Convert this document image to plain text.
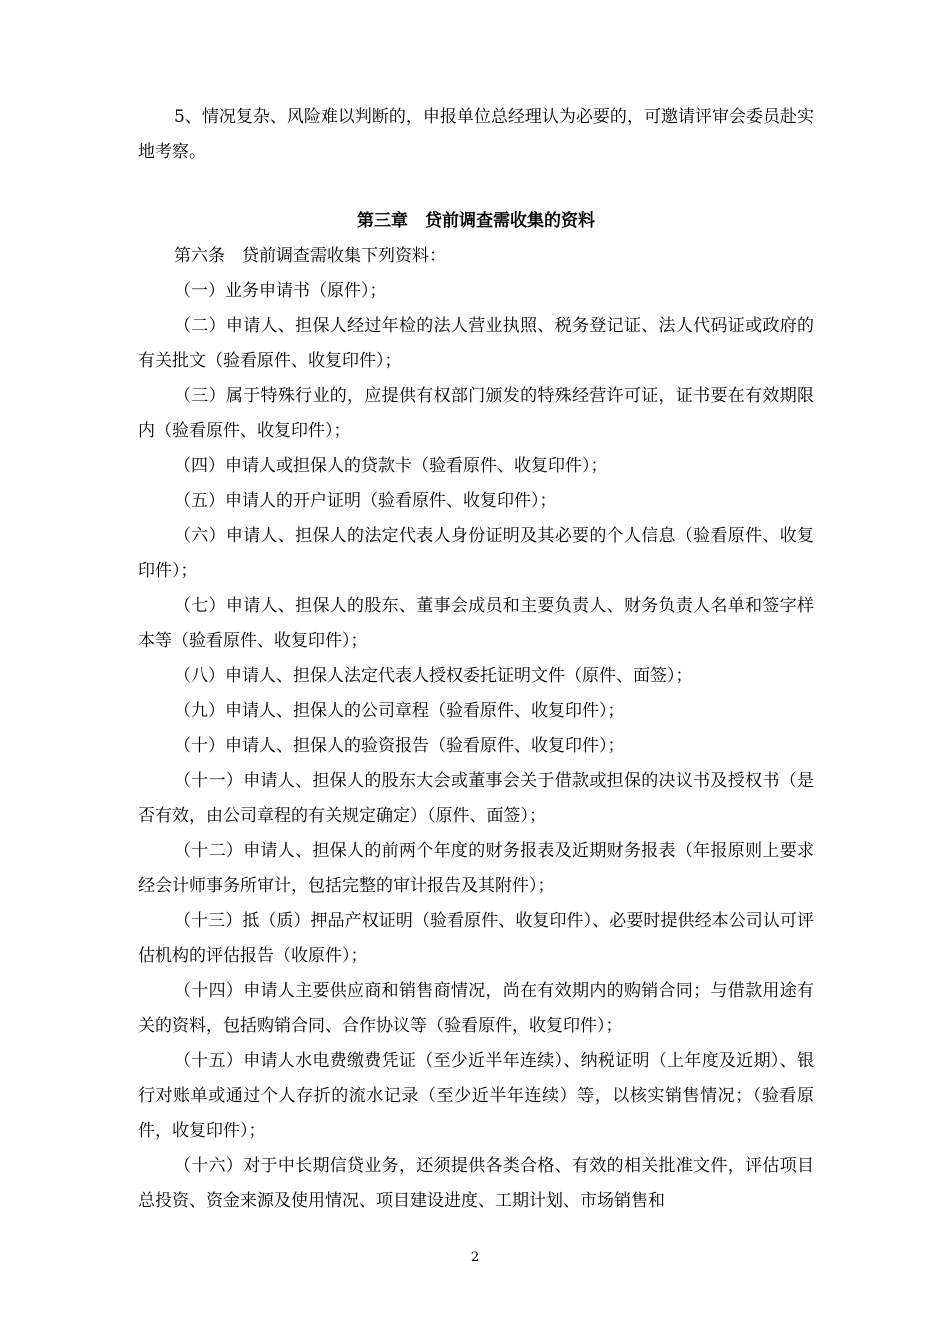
5、情况复杂、风险难以判断的，申报单位总经理认为必要的，可邀请评审会委员赴实地考察。

第三章　贷前调查需收集的资料

第六条　贷前调查需收集下列资料：

（一）业务申请书（原件）；

（二）申请人、担保人经过年检的法人营业执照、税务登记证、法人代码证或政府的有关批文（验看原件、收复印件）；

（三）属于特殊行业的，应提供有权部门颁发的特殊经营许可证，证书要在有效期限内（验看原件、收复印件）；

（四）申请人或担保人的贷款卡（验看原件、收复印件）；

（五）申请人的开户证明（验看原件、收复印件）；

（六）申请人、担保人的法定代表人身份证明及其必要的个人信息（验看原件、收复印件）；

（七）申请人、担保人的股东、董事会成员和主要负责人、财务负责人名单和签字样本等（验看原件、收复印件）；

（八）申请人、担保人法定代表人授权委托证明文件（原件、面签）；

（九）申请人、担保人的公司章程（验看原件、收复印件）；

（十）申请人、担保人的验资报告（验看原件、收复印件）；

（十一）申请人、担保人的股东大会或董事会关于借款或担保的决议书及授权书（是否有效，由公司章程的有关规定确定）（原件、面签）；

（十二）申请人、担保人的前两个年度的财务报表及近期财务报表（年报原则上要求经会计师事务所审计，包括完整的审计报告及其附件）；

（十三）抵（质）押品产权证明（验看原件、收复印件）、必要时提供经本公司认可评估机构的评估报告（收原件）；

（十四）申请人主要供应商和销售商情况，尚在有效期内的购销合同；与借款用途有关的资料，包括购销合同、合作协议等（验看原件，收复印件）；

（十五）申请人水电费缴费凭证（至少近半年连续）、纳税证明（上年度及近期）、银行对账单或通过个人存折的流水记录（至少近半年连续）等，以核实销售情况；（验看原件，收复印件）；

（十六）对于中长期信贷业务，还须提供各类合格、有效的相关批准文件，评估项目总投资、资金来源及使用情况、项目建设进度、工期计划、市场销售和

2
